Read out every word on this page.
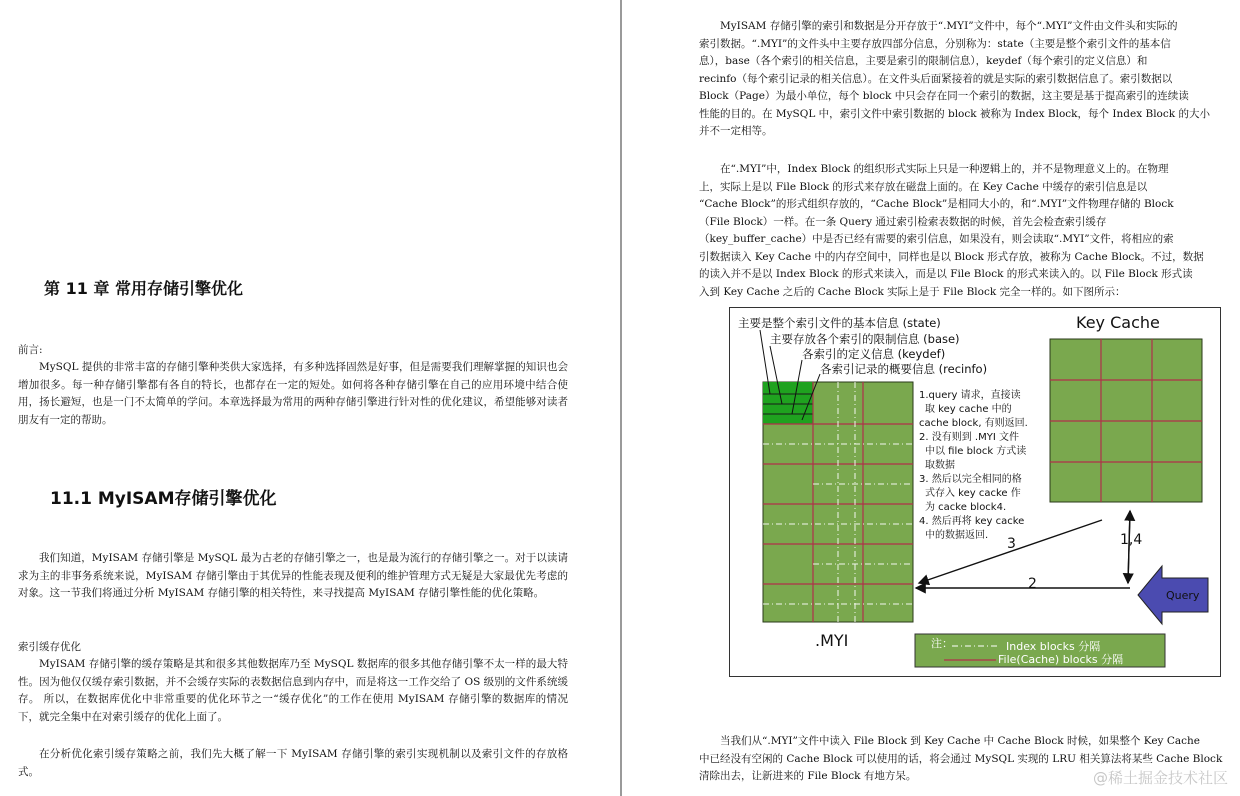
第 11 章 常用存储引擎优化

前言:

MySQL 提供的非常丰富的存储引擎种类供大家选择，有多种选择固然是好事，但是需要我们理解掌握的知识也会增加很多。每一种存储引擎都有各自的特长，也都存在一定的短处。如何将各种存储引擎在自己的应用环境中结合使用，扬长避短，也是一门不太简单的学问。本章选择最为常用的两种存储引擎进行针对性的优化建议，希望能够对读者朋友有一定的帮助。

11.1 MyISAM存储引擎优化

我们知道，MyISAM 存储引擎是 MySQL 最为古老的存储引擎之一，也是最为流行的存储引擎之一。对于以读请求为主的非事务系统来说，MyISAM 存储引擎由于其优异的性能表现及便利的维护管理方式无疑是大家最优先考虑的对象。这一节我们将通过分析 MyISAM 存储引擎的相关特性，来寻找提高 MyISAM 存储引擎性能的优化策略。

索引缓存优化

MyISAM 存储引擎的缓存策略是其和很多其他数据库乃至 MySQL 数据库的很多其他存储引擎不太一样的最大特性。因为他仅仅缓存索引数据，并不会缓存实际的表数据信息到内存中，而是将这一工作交给了 OS 级别的文件系统缓存。 所以，在数据库优化中非常重要的优化环节之一“缓存优化”的工作在使用 MyISAM 存储引擎的数据库的情况下，就完全集中在对索引缓存的优化上面了。

在分析优化索引缓存策略之前，我们先大概了解一下 MyISAM 存储引擎的索引实现机制以及索引文件的存放格式。

MyISAM 存储引擎的索引和数据是分开存放于“.MYI”文件中，每个“.MYI”文件由文件头和实际的
索引数据。“.MYI”的文件头中主要存放四部分信息，分别称为：state（主要是整个索引文件的基本信
息），base（各个索引的相关信息，主要是索引的限制信息），keydef（每个索引的定义信息）和
recinfo（每个索引记录的相关信息）。在文件头后面紧接着的就是实际的索引数据信息了。索引数据以
Block（Page）为最小单位，每个 block 中只会存在同一个索引的数据，这主要是基于提高索引的连续读
性能的目的。在 MySQL 中，索引文件中索引数据的 block 被称为 Index Block，每个 Index Block 的大小
并不一定相等。
在“.MYI”中，Index Block 的组织形式实际上只是一种逻辑上的，并不是物理意义上的。在物理
上，实际上是以 File Block 的形式来存放在磁盘上面的。在 Key Cache 中缓存的索引信息是以
“Cache Block”的形式组织存放的，“Cache Block”是相同大小的，和“.MYI”文件物理存储的 Block
（File Block）一样。在一条 Query 通过索引检索表数据的时候，首先会检查索引缓存
（key_buffer_cache）中是否已经有需要的索引信息，如果没有，则会读取“.MYI”文件，将相应的索
引数据读入 Key Cache 中的内存空间中，同样也是以 Block 形式存放，被称为 Cache Block。不过，数据
的读入并不是以 Index Block 的形式来读入，而是以 File Block 的形式来读入的。以 File Block 形式读
入到 Key Cache 之后的 Cache Block 实际上是于 File Block 完全一样的。如下图所示：
主要是整个索引文件的基本信息 (state)
主要存放各个索引的限制信息 (base)
各索引的定义信息 (keydef)
各索引记录的概要信息 (recinfo)
.MYI
1.query 请求，直接读
取 key cache 中的
cache block, 有则返回.
2. 没有则到 .MYI 文件
中以 file block 方式读
取数据
3. 然后以完全相同的格
式存入 key cacke 作
为 cacke block4.
4. 然后再将 key cacke
中的数据返回.
Key Cache
3
2
1,4
Query
注：	Index blocks 分隔
File(Cache) blocks 分隔
当我们从“.MYI”文件中读入 File Block 到 Key Cache 中 Cache Block 时候，如果整个 Key Cache
中已经没有空闲的 Cache Block 可以使用的话，将会通过 MySQL 实现的 LRU 相关算法将某些 Cache Block
清除出去，让新进来的 File Block 有地方呆。	@稀土掘金技术社区
